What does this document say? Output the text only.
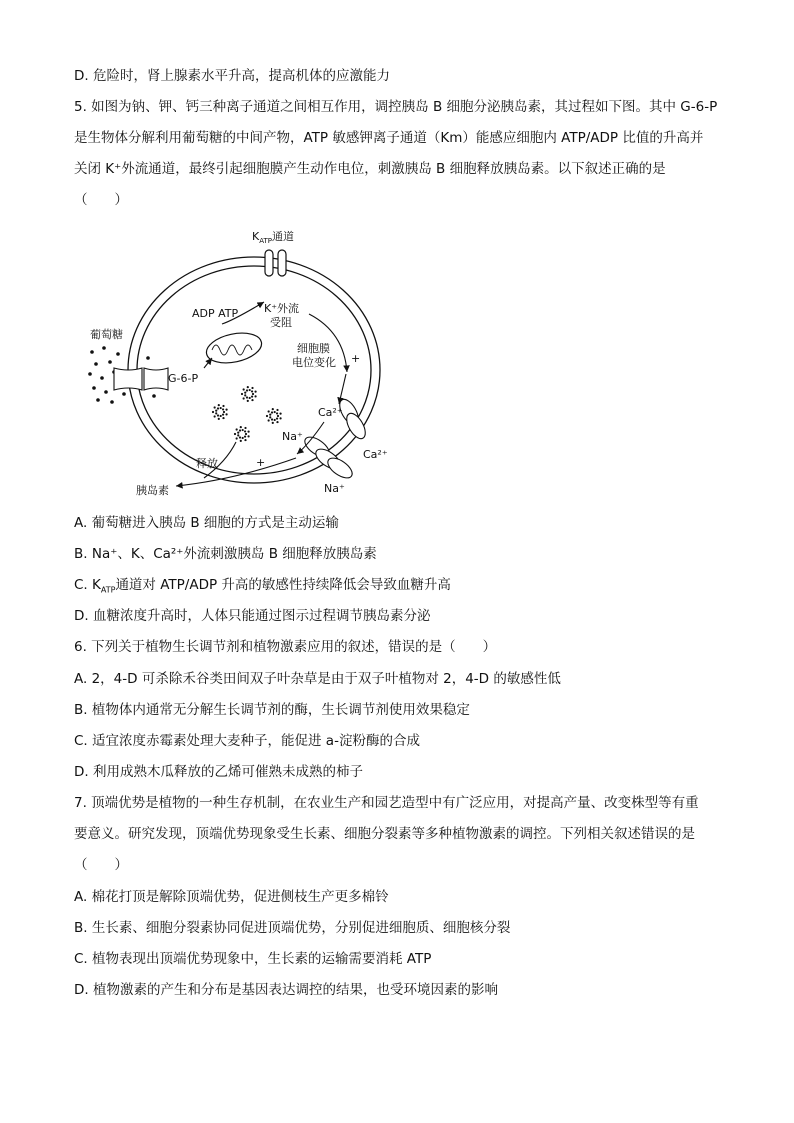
D. 危险时，肾上腺素水平升高，提高机体的应激能力
5. 如图为钠、钾、钙三种离子通道之间相互作用，调控胰岛 B 细胞分泌胰岛素，其过程如下图。其中 G-6-P
是生物体分解利用葡萄糖的中间产物，ATP 敏感钾离子通道（Km）能感应细胞内 ATP/ADP 比值的升高并
关闭 K⁺外流通道，最终引起细胞膜产生动作电位，刺激胰岛 B 细胞释放胰岛素。以下叙述正确的是
（　　）
$K_{ATP}$通道
ADP ATP K⁺外流
受阻
细胞膜
电位变化 +
葡萄糖
G-6-P
Ca²⁺
Ca²⁺
Na⁺
Na⁺
释放	+
胰岛素
A. 葡萄糖进入胰岛 B 细胞的方式是主动运输
B. Na⁺、K、Ca²⁺外流刺激胰岛 B 细胞释放胰岛素
C. $K_{ATP}$通道对 ATP/ADP 升高的敏感性持续降低会导致血糖升高
D. 血糖浓度升高时，人体只能通过图示过程调节胰岛素分泌
6. 下列关于植物生长调节剂和植物激素应用的叙述，错误的是（　　）
A. 2，4-D 可杀除禾谷类田间双子叶杂草是由于双子叶植物对 2，4-D 的敏感性低
B. 植物体内通常无分解生长调节剂的酶，生长调节剂使用效果稳定
C. 适宜浓度赤霉素处理大麦种子，能促进 a-淀粉酶的合成
D. 利用成熟木瓜释放的乙烯可催熟未成熟的柿子
7. 顶端优势是植物的一种生存机制，在农业生产和园艺造型中有广泛应用，对提高产量、改变株型等有重
要意义。研究发现，顶端优势现象受生长素、细胞分裂素等多种植物激素的调控。下列相关叙述错误的是
（　　）
A. 棉花打顶是解除顶端优势，促进侧枝生产更多棉铃
B. 生长素、细胞分裂素协同促进顶端优势，分别促进细胞质、细胞核分裂
C. 植物表现出顶端优势现象中，生长素的运输需要消耗 ATP
D. 植物激素的产生和分布是基因表达调控的结果，也受环境因素的影响
